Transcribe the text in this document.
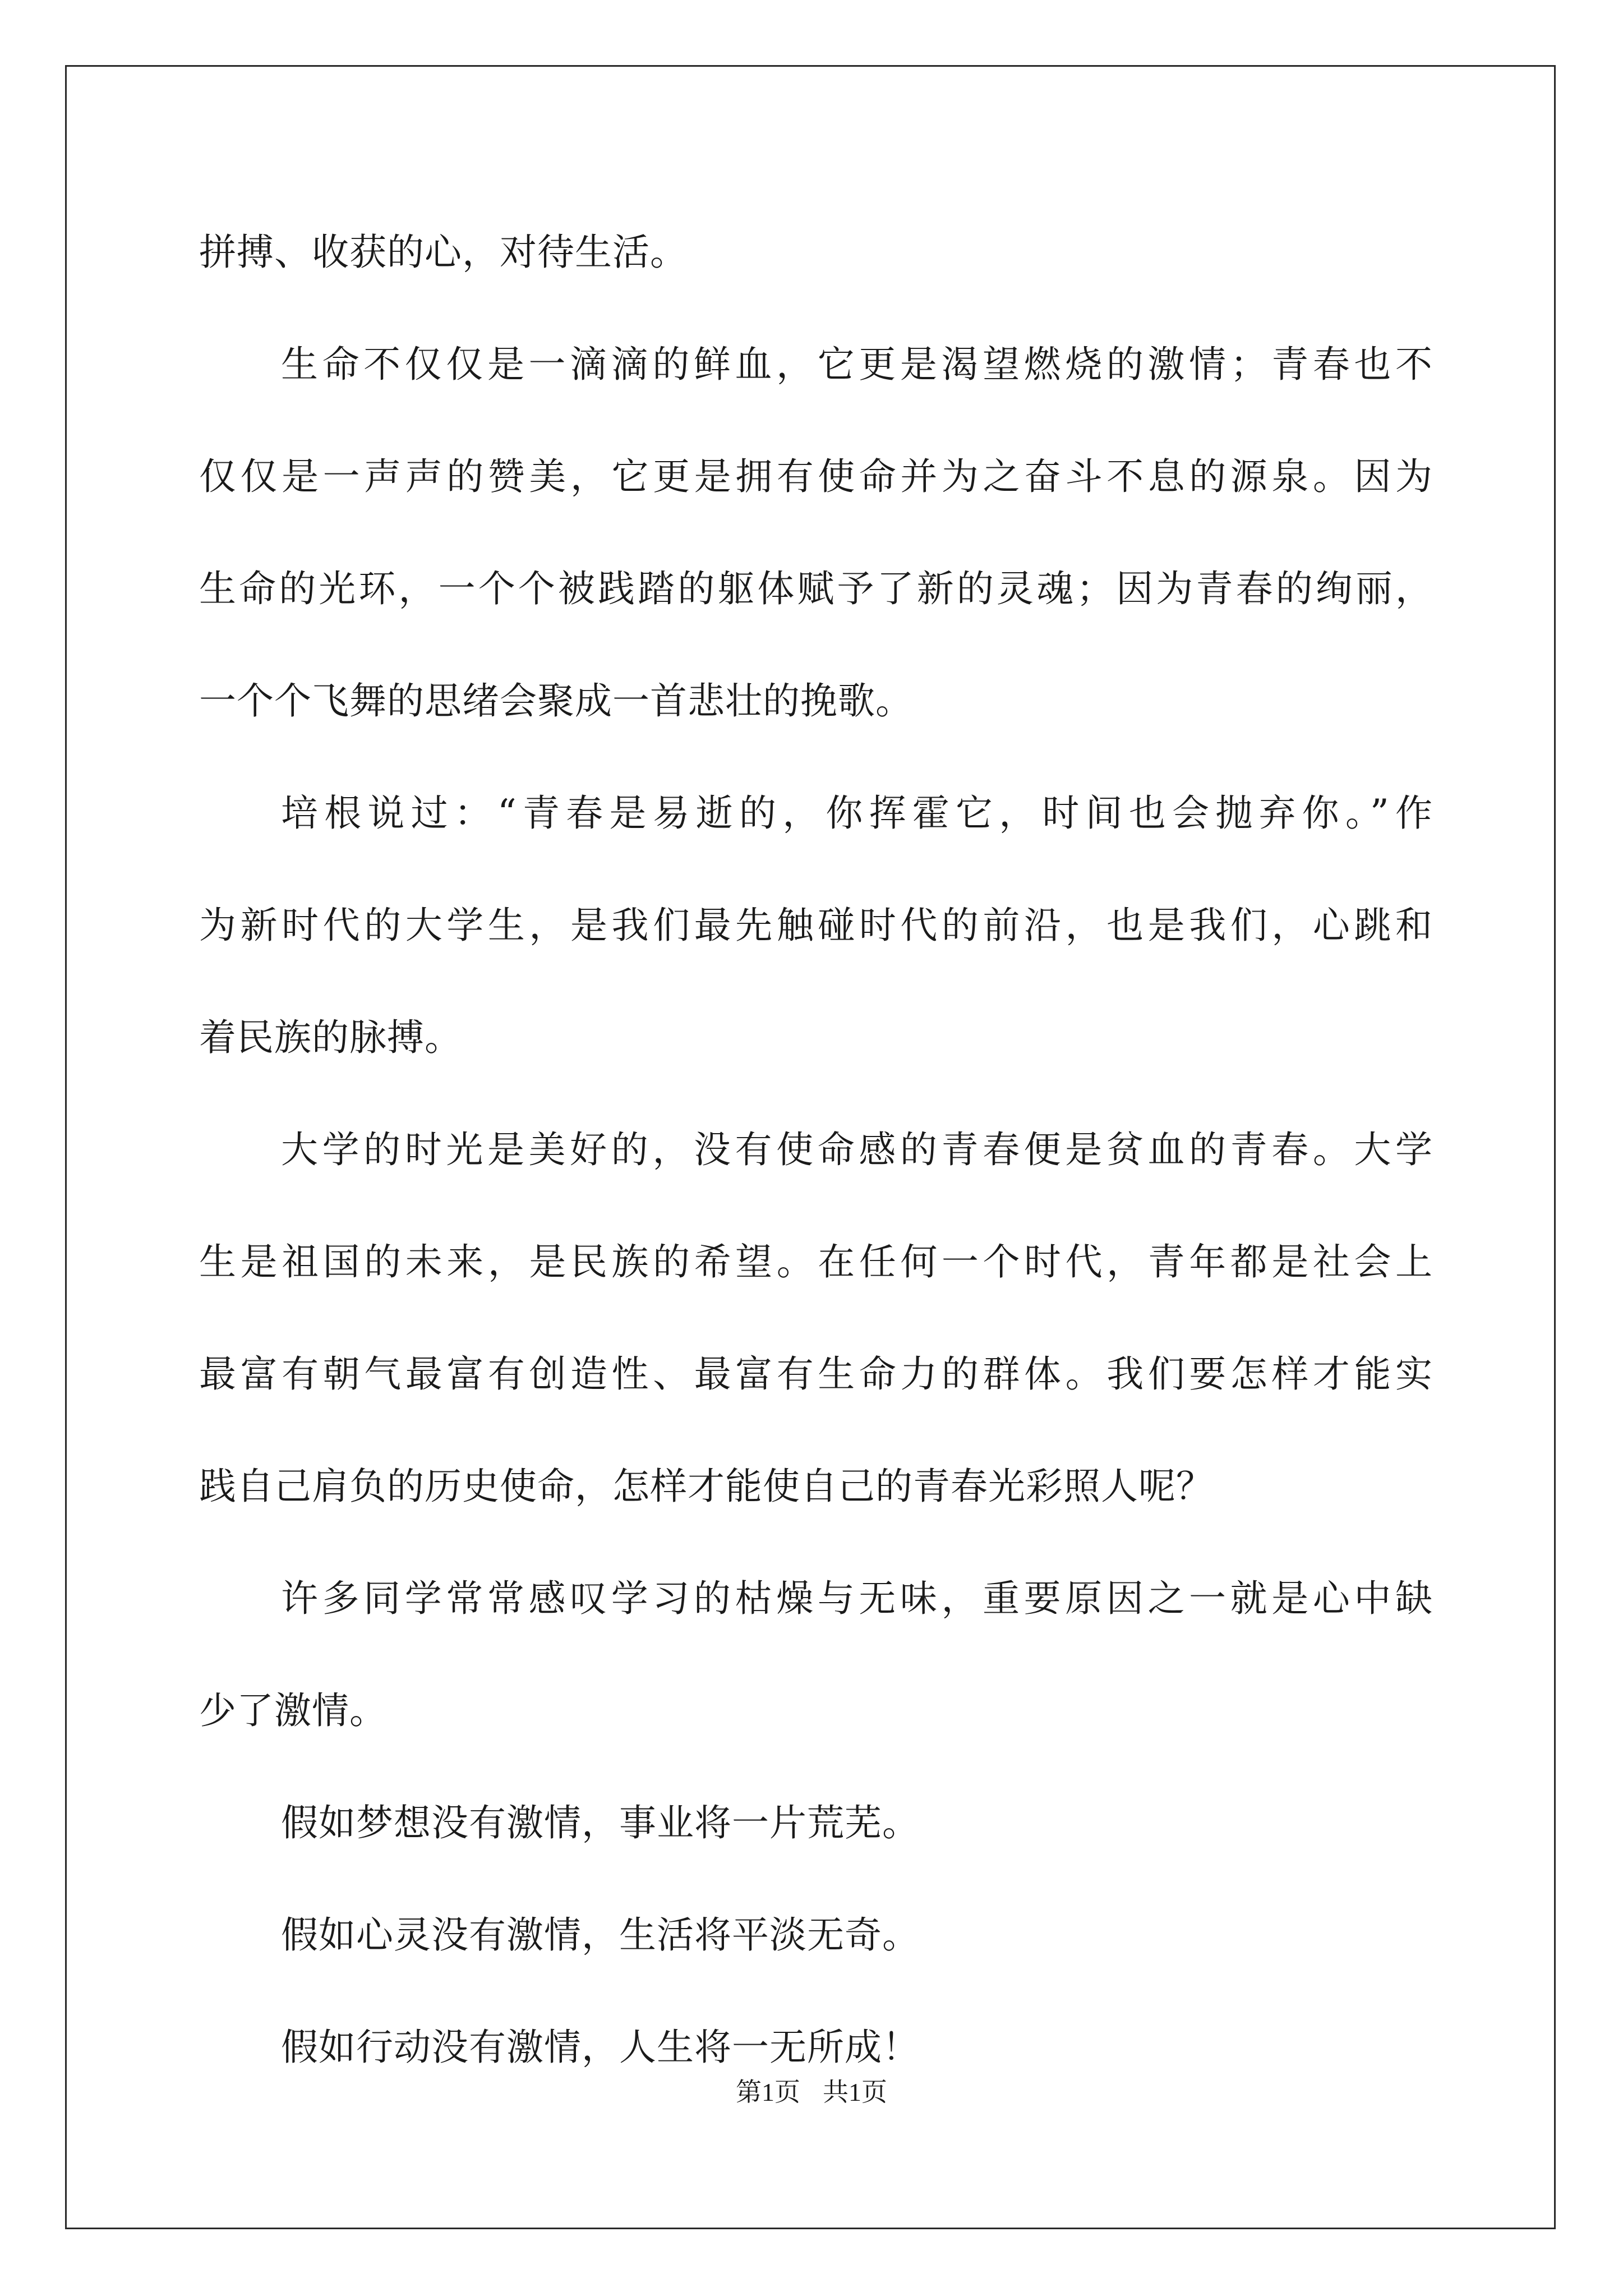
拼搏、收获的心，对待生活。
生命不仅仅是一滴滴的鲜血，它更是渴望燃烧的激情；青春也不
仅仅是一声声的赞美，它更是拥有使命并为之奋斗不息的源泉。因为
生命的光环，一个个被践踏的躯体赋予了新的灵魂；因为青春的绚丽，
一个个飞舞的思绪会聚成一首悲壮的挽歌。
培根说过：“青春是易逝的，你挥霍它，时间也会抛弃你。”作
为新时代的大学生，是我们最先触碰时代的前沿，也是我们，心跳和
着民族的脉搏。
大学的时光是美好的，没有使命感的青春便是贫血的青春。大学
生是祖国的未来，是民族的希望。在任何一个时代，青年都是社会上
最富有朝气最富有创造性、最富有生命力的群体。我们要怎样才能实
践自己肩负的历史使命，怎样才能使自己的青春光彩照人呢？
许多同学常常感叹学习的枯燥与无味，重要原因之一就是心中缺
少了激情。
假如梦想没有激情，事业将一片荒芜。
假如心灵没有激情，生活将平淡无奇。
假如行动没有激情，人生将一无所成！
第1页 共1页
